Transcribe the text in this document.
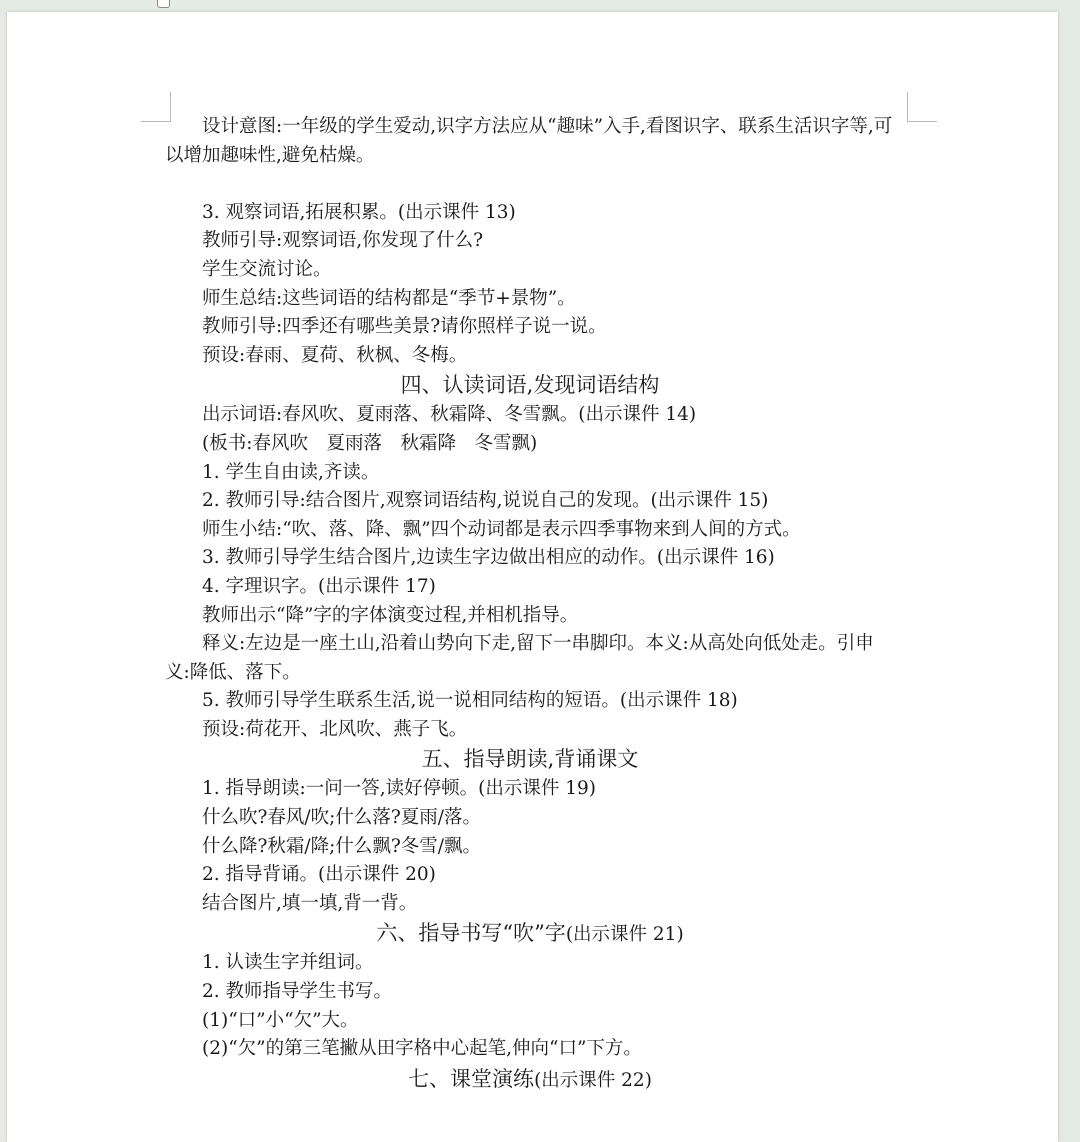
设计意图:一年级的学生爱动,识字方法应从“趣味”入手,看图识字、联系生活识字等,可以增加趣味性,避免枯燥。
3. 观察词语,拓展积累。(出示课件 13)
教师引导:观察词语,你发现了什么?
学生交流讨论。
师生总结:这些词语的结构都是“季节+景物”。
教师引导:四季还有哪些美景?请你照样子说一说。
预设:春雨、夏荷、秋枫、冬梅。
四、认读词语,发现词语结构
出示词语:春风吹、夏雨落、秋霜降、冬雪飘。(出示课件 14)
(板书:春风吹　夏雨落　秋霜降　冬雪飘)
1. 学生自由读,齐读。
2. 教师引导:结合图片,观察词语结构,说说自己的发现。(出示课件 15)
师生小结:“吹、落、降、飘”四个动词都是表示四季事物来到人间的方式。
3. 教师引导学生结合图片,边读生字边做出相应的动作。(出示课件 16)
4. 字理识字。(出示课件 17)
教师出示“降”字的字体演变过程,并相机指导。
释义:左边是一座土山,沿着山势向下走,留下一串脚印。本义:从高处向低处走。引申义:降低、落下。
5. 教师引导学生联系生活,说一说相同结构的短语。(出示课件 18)
预设:荷花开、北风吹、燕子飞。
五、指导朗读,背诵课文
1. 指导朗读:一问一答,读好停顿。(出示课件 19)
什么吹?春风/吹;什么落?夏雨/落。
什么降?秋霜/降;什么飘?冬雪/飘。
2. 指导背诵。(出示课件 20)
结合图片,填一填,背一背。
六、指导书写“吹”字(出示课件 21)
1. 认读生字并组词。
2. 教师指导学生书写。
(1)“口”小“欠”大。
(2)“欠”的第三笔撇从田字格中心起笔,伸向“口”下方。
七、课堂演练(出示课件 22)
